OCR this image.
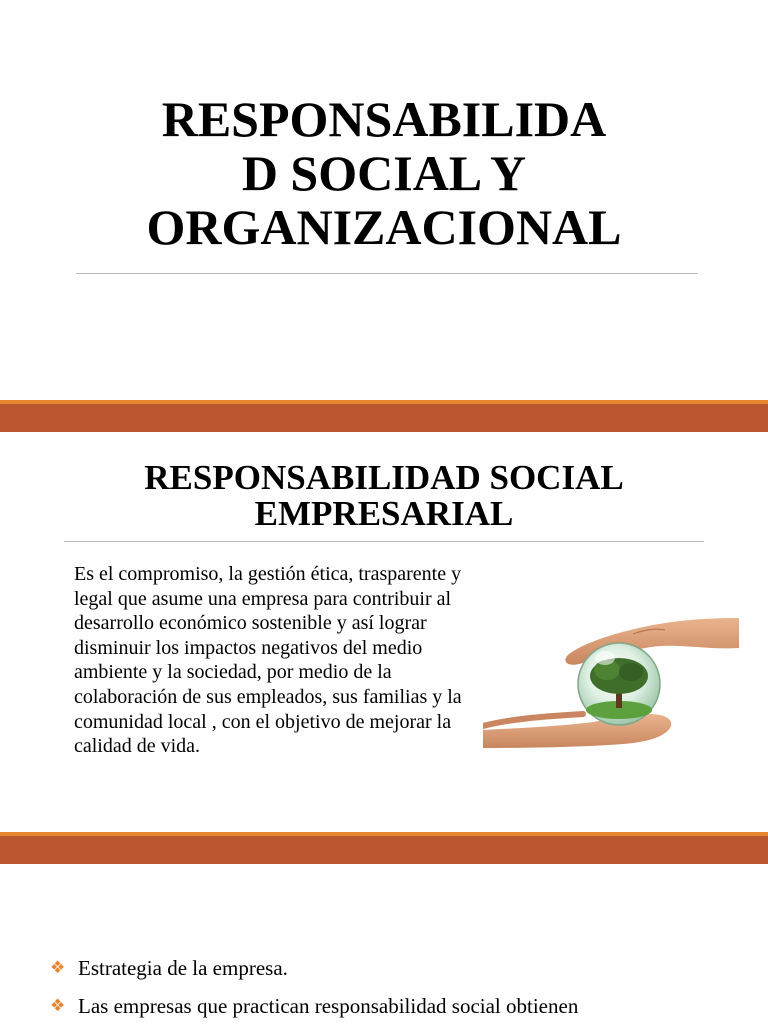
RESPONSABILIDA
D SOCIAL Y
ORGANIZACIONAL
RESPONSABILIDAD SOCIAL
EMPRESARIAL
Es el compromiso, la gestión ética, trasparente y legal que asume una empresa para contribuir al desarrollo económico sostenible y así lograr disminuir los impactos negativos del medio ambiente y la sociedad, por medio de la colaboración de sus empleados, sus familias y la comunidad local , con el objetivo de mejorar la calidad de vida.
❖ Estrategia de la empresa.
❖ Las empresas que practican responsabilidad social obtienen
